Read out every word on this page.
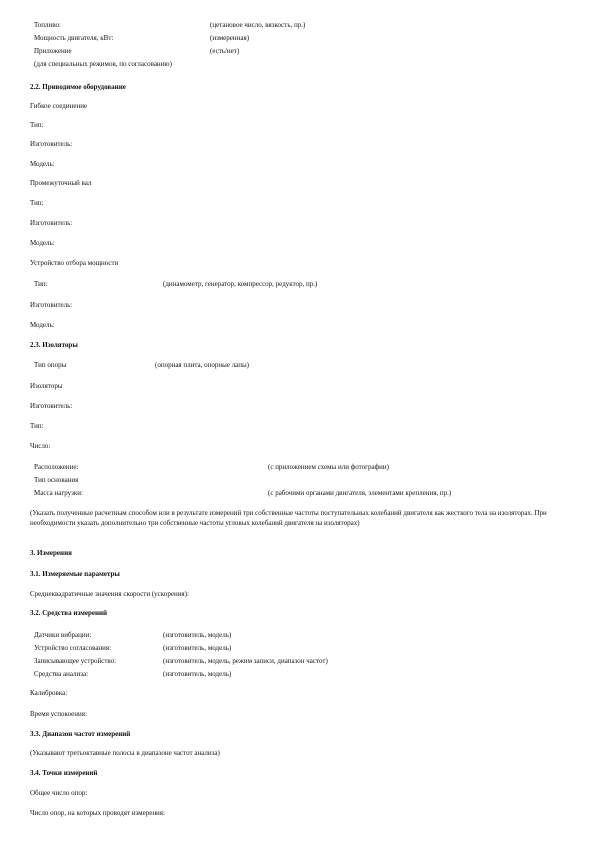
Топливо:	(цетановое число, вязкость, пр.)
Мощность двигателя, кВт:	(измеренная)
Приложение	(есть/нет)
(для специальных режимов, по согласованию)
2.2. Приводимое оборудование
Гибкое соединение
Тип:
Изготовитель:
Модель:
Промежуточный вал
Тип:
Изготовитель:
Модель:
Устройство отбора мощности
Тип:	(динамометр, генератор, компрессор, редуктор, пр.)
Изготовитель:
Модель:
2.3. Изоляторы
Тип опоры	(опорная плита, опорные лапы)
Изоляторы
Изготовитель:
Тип:
Число:
Расположение:	(с приложением схемы или фотографии)
Тип основания
Масса нагрузки:	(с рабочими органами двигателя, элементами крепления, пр.)
(Указать полученные расчетным способом или в результате измерений три собственные частоты поступательных колебаний двигателя как жесткого тела на изоляторах. При необходимости указать дополнительно три собственные частоты угловых колебаний двигателя на изоляторах)
3. Измерения
3.1. Измеряемые параметры
Среднеквадратичные значения скорости (ускорения):
3.2. Средства измерений
Датчики вибрации:	(изготовитель, модель)
Устройство согласования:	(изготовитель, модель)
Записывающее устройство:	(изготовитель, модель, режим записи, диапазон частот)
Средства анализа:	(изготовитель, модель)
Калибровка:
Время успокоения:
3.3. Диапазон частот измерений
(Указывают третьоктавные полосы в диапазоне частот анализа)
3.4. Точки измерений
Общее число опор:
Число опор, на которых проводят измерения:
